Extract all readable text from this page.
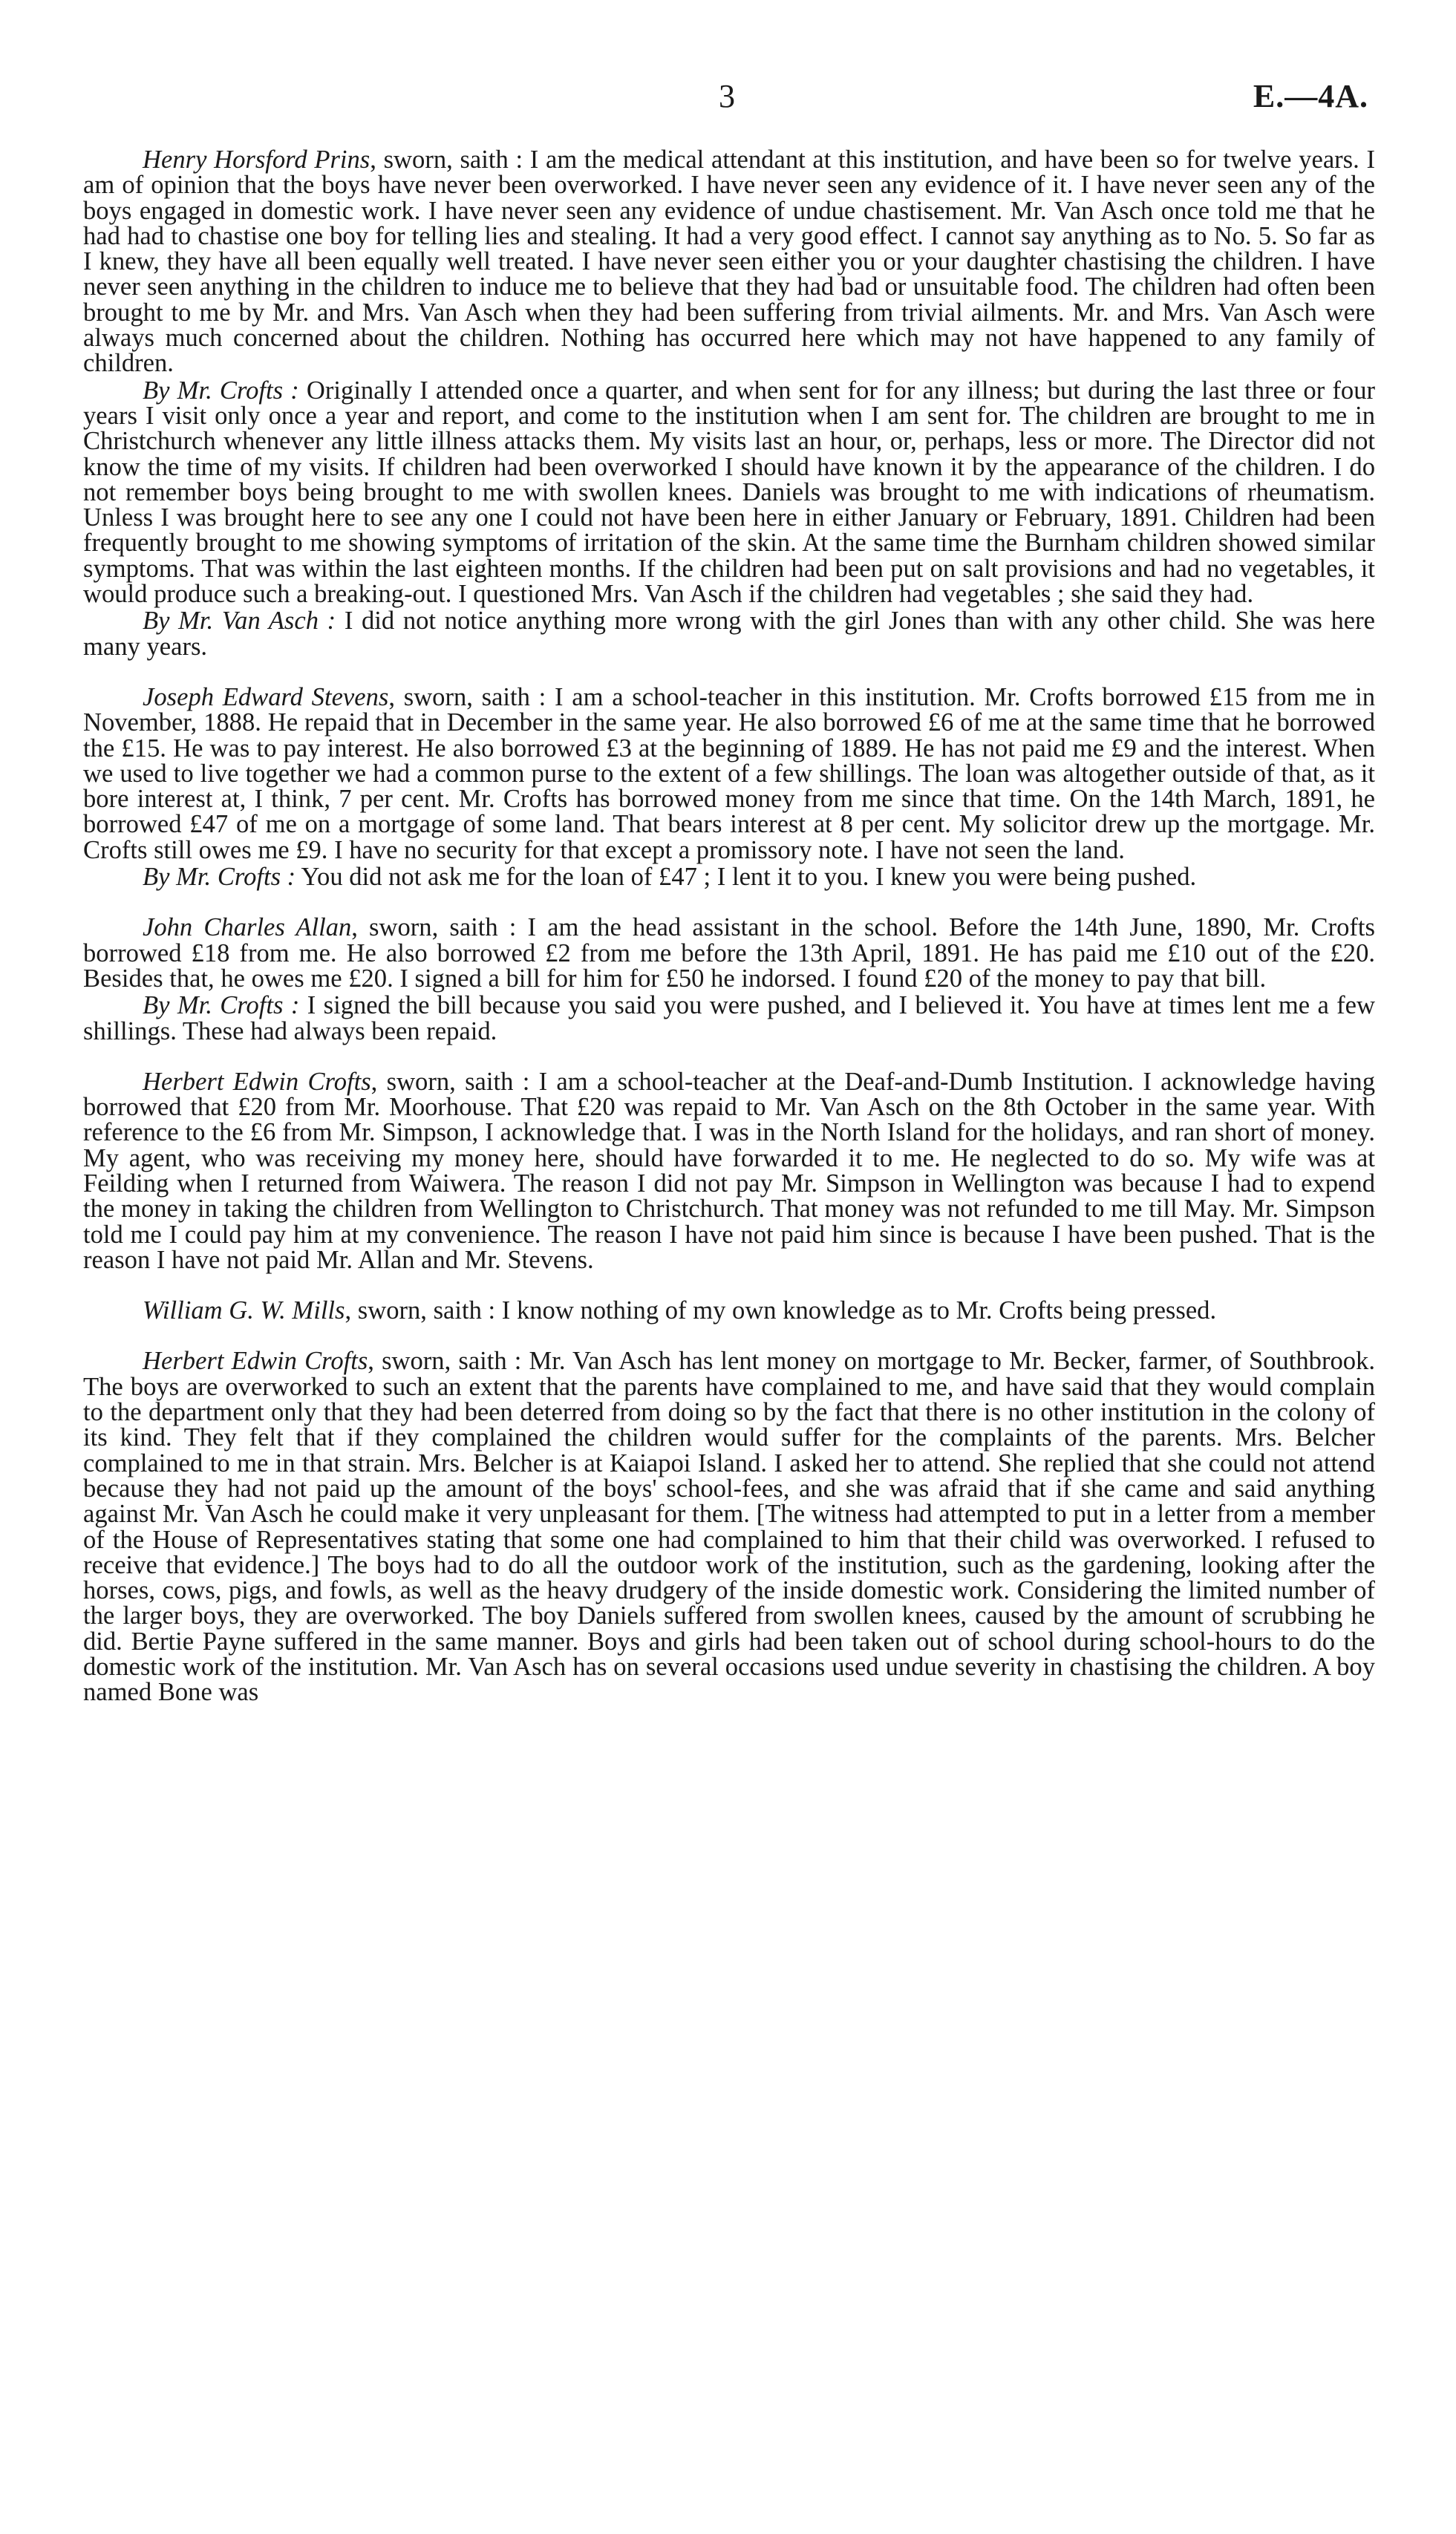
3	E.—4A.

Henry Horsford Prins, sworn, saith : I am the medical attendant at this institution, and have been so for twelve years. I am of opinion that the boys have never been overworked. I have never seen any evidence of it. I have never seen any of the boys engaged in domestic work. I have never seen any evidence of undue chastisement. Mr. Van Asch once told me that he had had to chastise one boy for telling lies and stealing. It had a very good effect. I cannot say anything as to No. 5. So far as I knew, they have all been equally well treated. I have never seen either you or your daughter chastising the children. I have never seen anything in the children to induce me to believe that they had bad or unsuitable food. The children had often been brought to me by Mr. and Mrs. Van Asch when they had been suffering from trivial ailments. Mr. and Mrs. Van Asch were always much concerned about the children. Nothing has occurred here which may not have happened to any family of children.

By Mr. Crofts : Originally I attended once a quarter, and when sent for for any illness; but during the last three or four years I visit only once a year and report, and come to the institution when I am sent for. The children are brought to me in Christchurch whenever any little illness attacks them. My visits last an hour, or, perhaps, less or more. The Director did not know the time of my visits. If children had been overworked I should have known it by the appearance of the children. I do not remember boys being brought to me with swollen knees. Daniels was brought to me with indications of rheumatism. Unless I was brought here to see any one I could not have been here in either January or February, 1891. Children had been frequently brought to me showing symptoms of irritation of the skin. At the same time the Burnham children showed similar symptoms. That was within the last eighteen months. If the children had been put on salt provisions and had no vegetables, it would produce such a breaking-out. I questioned Mrs. Van Asch if the children had vegetables ; she said they had.

By Mr. Van Asch : I did not notice anything more wrong with the girl Jones than with any other child. She was here many years.

Joseph Edward Stevens, sworn, saith : I am a school-teacher in this institution. Mr. Crofts borrowed £15 from me in November, 1888. He repaid that in December in the same year. He also borrowed £6 of me at the same time that he borrowed the £15. He was to pay interest. He also borrowed £3 at the beginning of 1889. He has not paid me £9 and the interest. When we used to live together we had a common purse to the extent of a few shillings. The loan was altogether outside of that, as it bore interest at, I think, 7 per cent. Mr. Crofts has borrowed money from me since that time. On the 14th March, 1891, he borrowed £47 of me on a mortgage of some land. That bears interest at 8 per cent. My solicitor drew up the mortgage. Mr. Crofts still owes me £9. I have no security for that except a promissory note. I have not seen the land.

By Mr. Crofts : You did not ask me for the loan of £47 ; I lent it to you. I knew you were being pushed.

John Charles Allan, sworn, saith : I am the head assistant in the school. Before the 14th June, 1890, Mr. Crofts borrowed £18 from me. He also borrowed £2 from me before the 13th April, 1891. He has paid me £10 out of the £20. Besides that, he owes me £20. I signed a bill for him for £50 he indorsed. I found £20 of the money to pay that bill.

By Mr. Crofts : I signed the bill because you said you were pushed, and I believed it. You have at times lent me a few shillings. These had always been repaid.

Herbert Edwin Crofts, sworn, saith : I am a school-teacher at the Deaf-and-Dumb Institution. I acknowledge having borrowed that £20 from Mr. Moorhouse. That £20 was repaid to Mr. Van Asch on the 8th October in the same year. With reference to the £6 from Mr. Simpson, I acknowledge that. I was in the North Island for the holidays, and ran short of money. My agent, who was receiving my money here, should have forwarded it to me. He neglected to do so. My wife was at Feilding when I returned from Waiwera. The reason I did not pay Mr. Simpson in Wellington was because I had to expend the money in taking the children from Wellington to Christchurch. That money was not refunded to me till May. Mr. Simpson told me I could pay him at my convenience. The reason I have not paid him since is because I have been pushed. That is the reason I have not paid Mr. Allan and Mr. Stevens.

William G. W. Mills, sworn, saith : I know nothing of my own knowledge as to Mr. Crofts being pressed.

Herbert Edwin Crofts, sworn, saith : Mr. Van Asch has lent money on mortgage to Mr. Becker, farmer, of Southbrook. The boys are overworked to such an extent that the parents have complained to me, and have said that they would complain to the department only that they had been deterred from doing so by the fact that there is no other institution in the colony of its kind. They felt that if they complained the children would suffer for the complaints of the parents. Mrs. Belcher complained to me in that strain. Mrs. Belcher is at Kaiapoi Island. I asked her to attend. She replied that she could not attend because they had not paid up the amount of the boys' school-fees, and she was afraid that if she came and said anything against Mr. Van Asch he could make it very unpleasant for them. [The witness had attempted to put in a letter from a member of the House of Representatives stating that some one had complained to him that their child was overworked. I refused to receive that evidence.] The boys had to do all the outdoor work of the institution, such as the gardening, looking after the horses, cows, pigs, and fowls, as well as the heavy drudgery of the inside domestic work. Considering the limited number of the larger boys, they are overworked. The boy Daniels suffered from swollen knees, caused by the amount of scrubbing he did. Bertie Payne suffered in the same manner. Boys and girls had been taken out of school during school-hours to do the domestic work of the institution. Mr. Van Asch has on several occasions used undue severity in chastising the children. A boy named Bone was
